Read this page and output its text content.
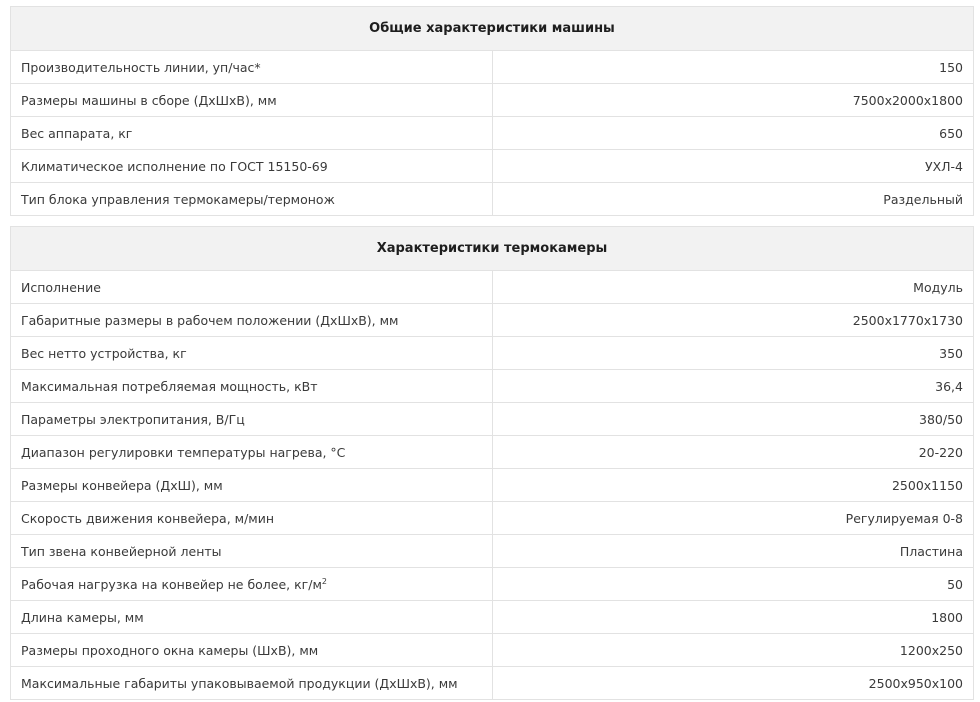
Общие характеристики машины	
Производительность линии, уп/час*	150
Размеры машины в сборе (ДхШхВ), мм	7500х2000х1800
Вес аппарата, кг	650
Климатическое исполнение по ГОСТ 15150-69	УХЛ-4
Тип блока управления термокамеры/термонож	Раздельный
Характеристики термокамеры	
Исполнение	Модуль
Габаритные размеры в рабочем положении (ДхШхВ), мм	2500х1770х1730
Вес нетто устройства, кг	350
Максимальная потребляемая мощность, кВт	36,4
Параметры электропитания, В/Гц	380/50
Диапазон регулировки температуры нагрева, °C	20-220
Размеры конвейера (ДхШ), мм	2500х1150
Скорость движения конвейера, м/мин	Регулируемая 0-8
Тип звена конвейерной ленты	Пластина
Рабочая нагрузка на конвейер не более, $кг/м^2$	50
Длина камеры, мм	1800
Размеры проходного окна камеры (ШхВ), мм	1200х250
Максимальные габариты упаковываемой продукции (ДхШхВ), мм	2500х950х100
